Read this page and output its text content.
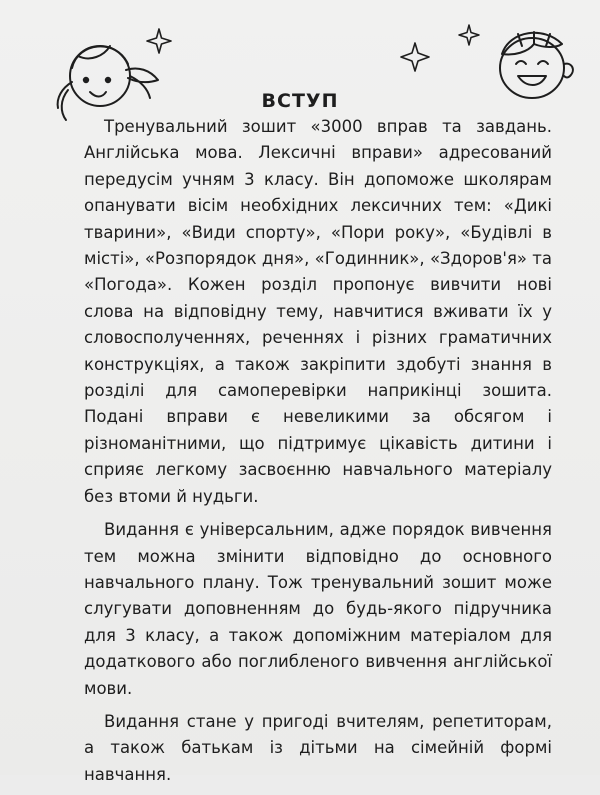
ВСТУП

Тренувальний зошит «3000 вправ та завдань. Англійська мова. Лексичні вправи» адресований передусім учням 3 класу. Він допоможе школярам опанувати вісім необхідних лексичних тем: «Дикі тварини», «Види спорту», «Пори року», «Будівлі в місті», «Розпорядок дня», «Годинник», «Здоров'я» та «Погода». Кожен розділ пропонує вивчити нові слова на відповідну тему, навчитися вживати їх у словосполученнях, реченнях і різних граматичних конструкціях, а також закріпити здобуті знання в розділі для самоперевірки наприкінці зошита. Подані вправи є невеликими за обсягом і різноманітними, що підтримує цікавість дитини і сприяє легкому засвоєнню навчального матеріалу без втоми й нудьги.

Видання є універсальним, адже порядок вивчення тем можна змінити відповідно до основного навчального плану. Тож тренувальний зошит може слугувати доповненням до будь-якого підручника для 3 класу, а також допоміжним матеріалом для додаткового або поглибленого вивчення англійської мови.

Видання стане у пригоді вчителям, репетиторам, а також батькам із дітьми на сімейній формі навчання.
